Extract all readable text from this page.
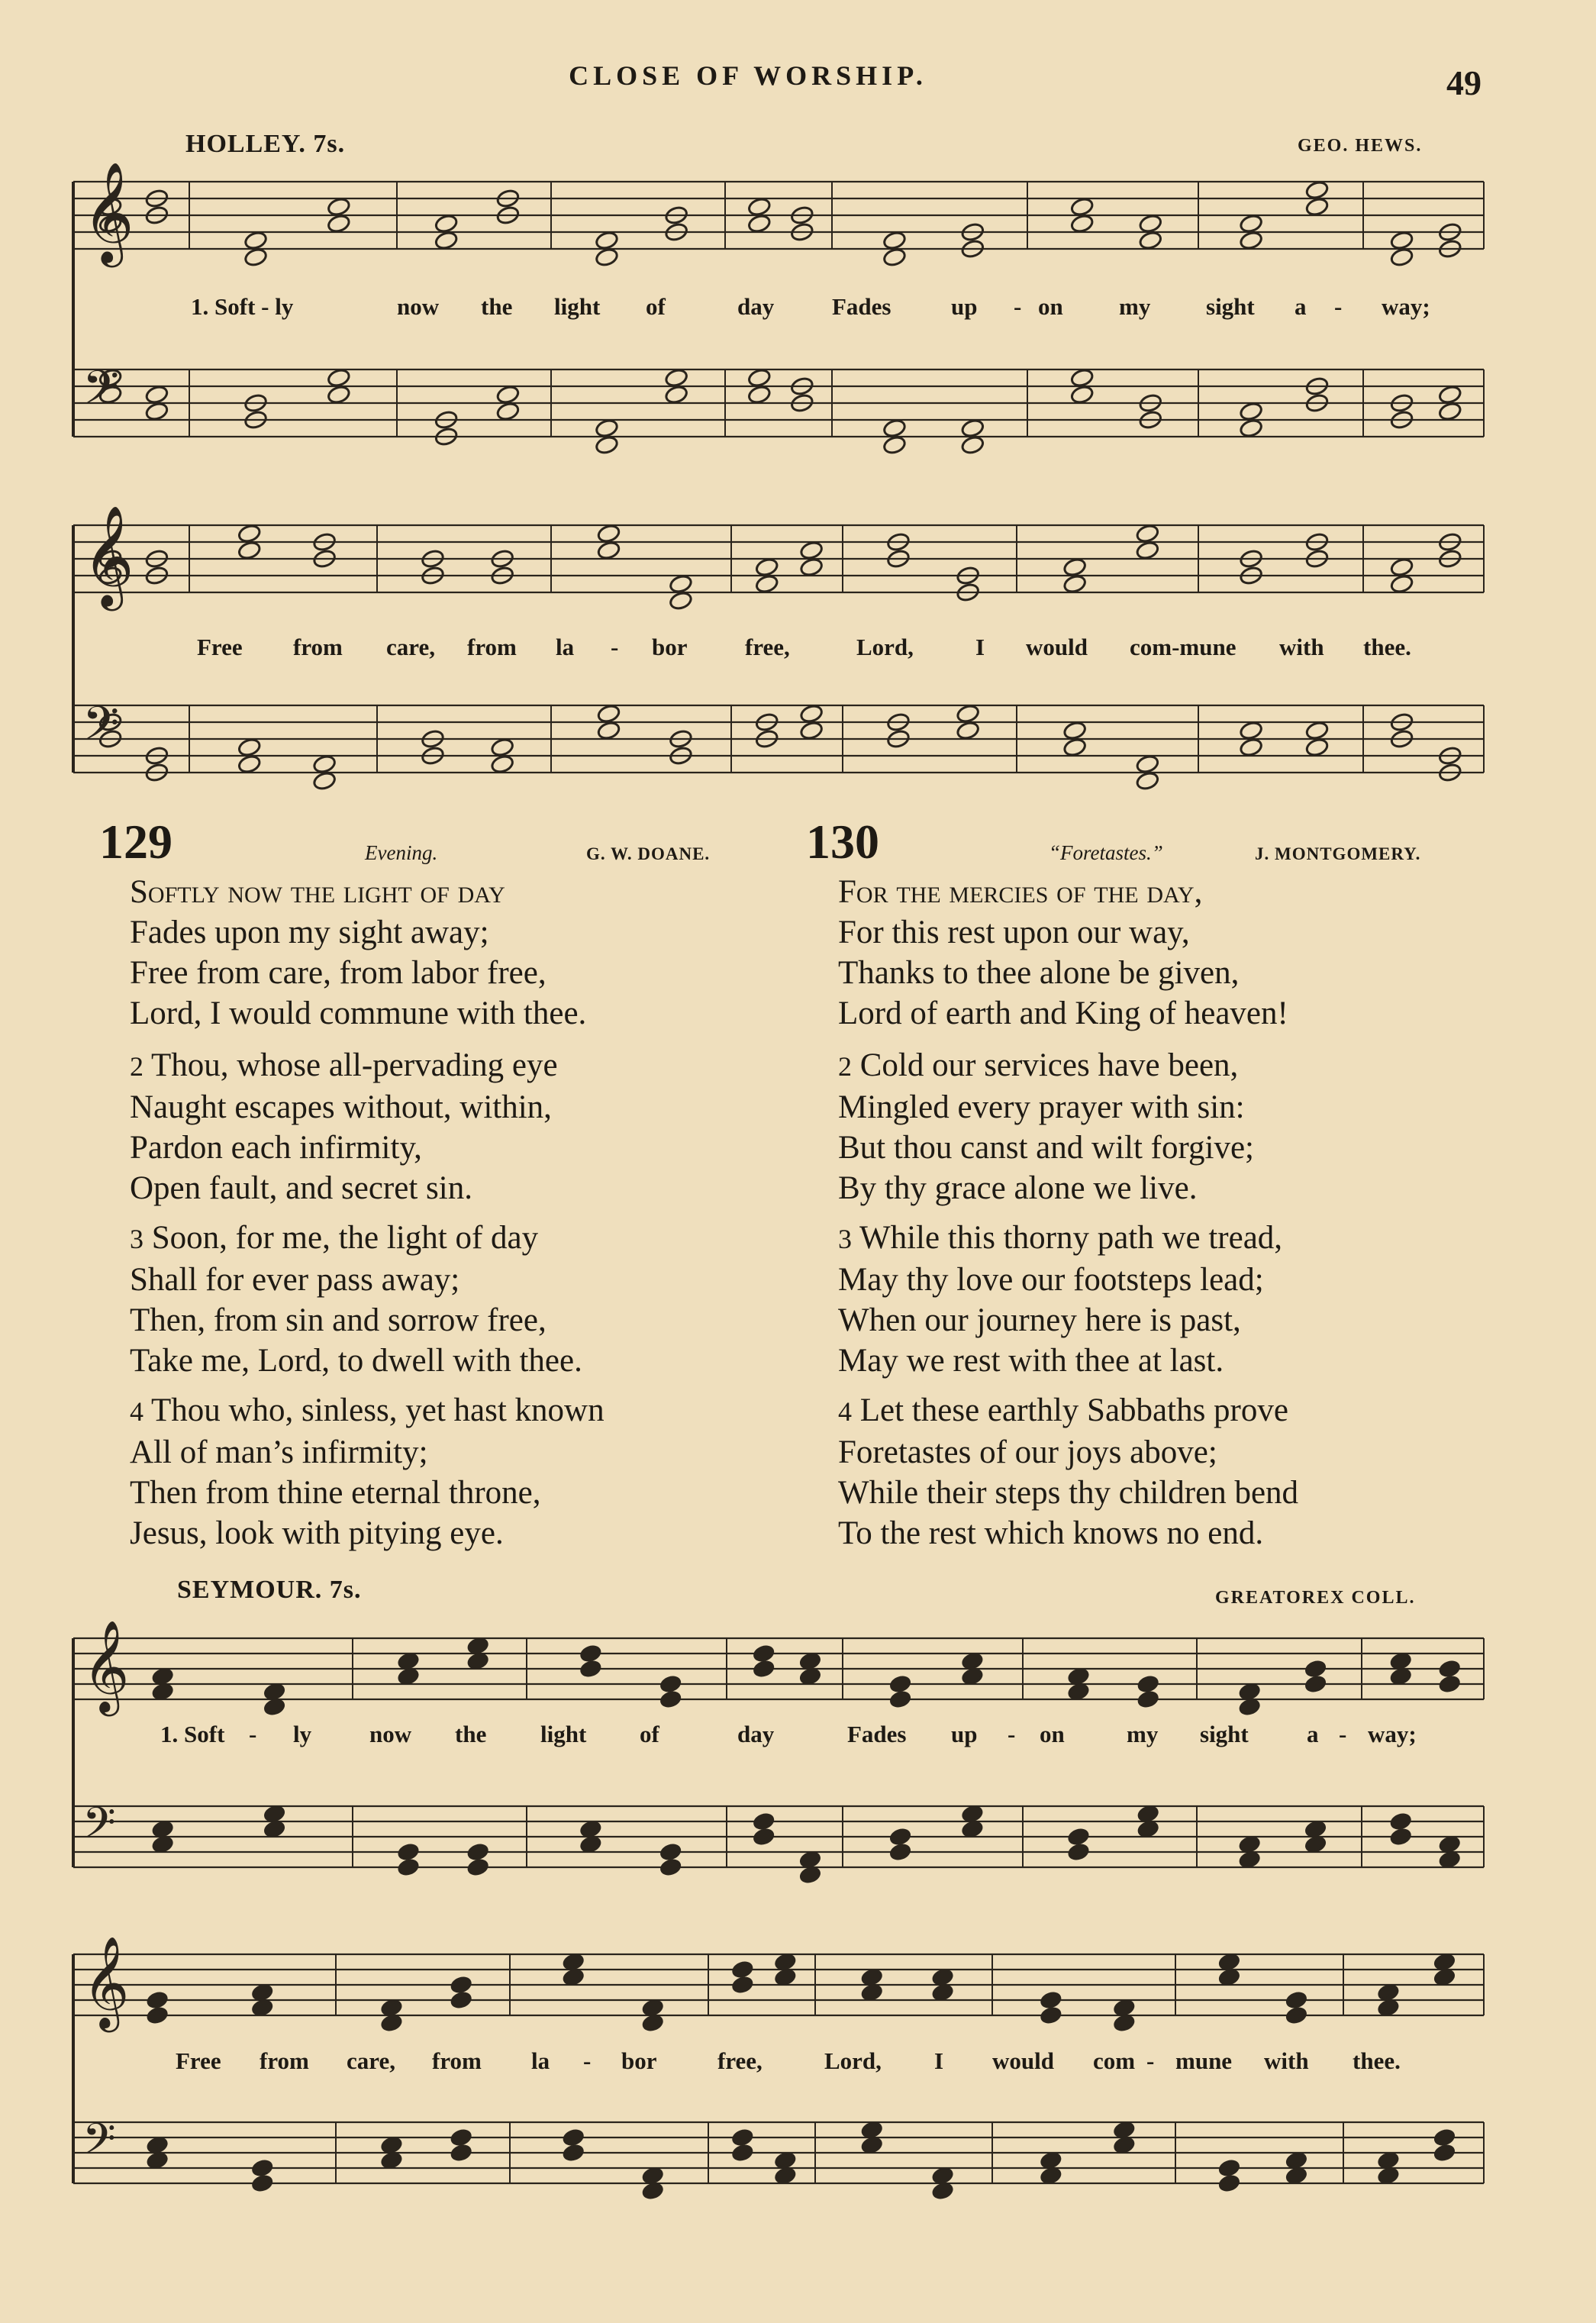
CLOSE OF WORSHIP.	49
𝄞
𝄢
𝄞
𝄢
𝄞
𝄢
𝄞
𝄢
HOLLEY. 7s.	GEO. HEWS.
1. Soft - ly	now the light of	day Fades	up - on my sight a - way;
Free from care, from la - bor free,	Lord,	I would com-mune with thee.
129	Evening.	G. W. DOANE.

Softly now the light of day

Fades upon my sight away;

Free from care, from labor free,

Lord, I would commune with thee.

2 Thou, whose all-pervading eye

Naught escapes without, within,

Pardon each infirmity,

Open fault, and secret sin.

3 Soon, for me, the light of day

Shall for ever pass away;

Then, from sin and sorrow free,

Take me, Lord, to dwell with thee.

4 Thou who, sinless, yet hast known

All of man’s infirmity;

Then from thine eternal throne,

Jesus, look with pitying eye.

130	“Foretastes.”	J. MONTGOMERY.

For the mercies of the day,

For this rest upon our way,

Thanks to thee alone be given,

Lord of earth and King of heaven!

2 Cold our services have been,

Mingled every prayer with sin:

But thou canst and wilt forgive;

By thy grace alone we live.

3 While this thorny path we tread,

May thy love our footsteps lead;

When our journey here is past,

May we rest with thee at last.

4 Let these earthly Sabbaths prove

Foretastes of our joys above;

While their steps thy children bend

To the rest which knows no end.

SEYMOUR. 7s.	GREATOREX COLL.
1. Soft - ly now the light of	day	Fades up - on	my sight a - way;
Free from care, from la - bor	free,	Lord, I would com - mune with thee.
